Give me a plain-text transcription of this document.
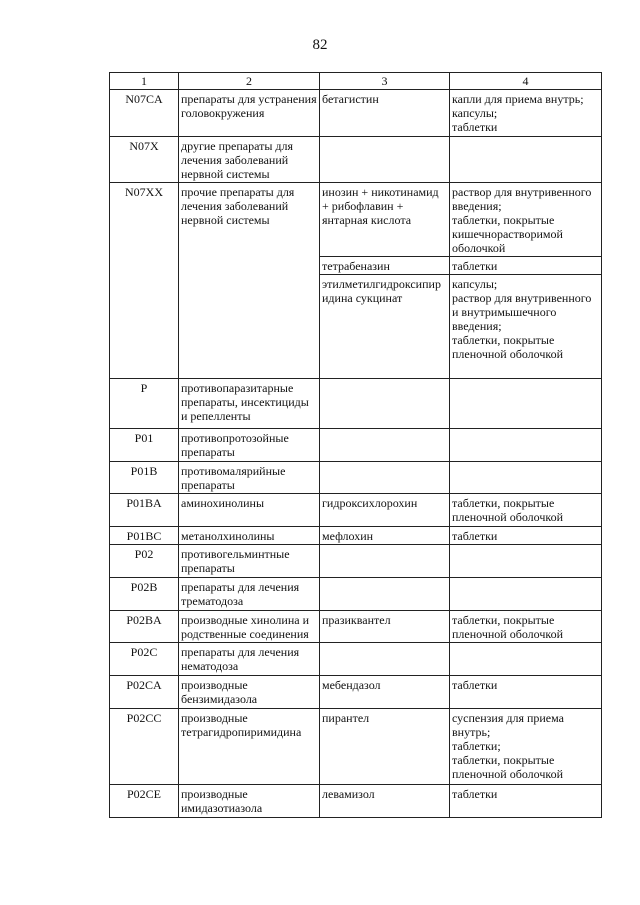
82
1	2	3	4
N07CA	препараты для устранения головокружения	бетагистин	капли для приема внутрь;
капсулы;
таблетки
N07X	другие препараты для лечения заболеваний нервной системы		
N07XX	прочие препараты для лечения заболеваний нервной системы	инозин + никотинамид + рибофлавин + янтарная кислота	раствор для внутривенного введения;
таблетки, покрытые кишечнорастворимой оболочкой
		тетрабеназин	таблетки
		этилметилгидроксипиридина сукцинат	капсулы;
раствор для внутривенного и внутримышечного введения;
таблетки, покрытые пленочной оболочкой
P	противопаразитарные препараты, инсектициды и репелленты		
P01	противопротозойные препараты		
P01B	противомалярийные препараты		
P01BA	аминохинолины	гидроксихлорохин	таблетки, покрытые пленочной оболочкой
P01BC	метанолхинолины	мефлохин	таблетки
P02	противогельминтные препараты		
P02B	препараты для лечения трематодоза		
P02BA	производные хинолина и родственные соединения	празиквантел	таблетки, покрытые пленочной оболочкой
P02C	препараты для лечения нематодоза		
P02CA	производные бензимидазола	мебендазол	таблетки
P02CC	производные тетрагидропиримидина	пирантел	суспензия для приема внутрь;
таблетки;
таблетки, покрытые пленочной оболочкой
P02CE	производные имидазотиазола	левамизол	таблетки
